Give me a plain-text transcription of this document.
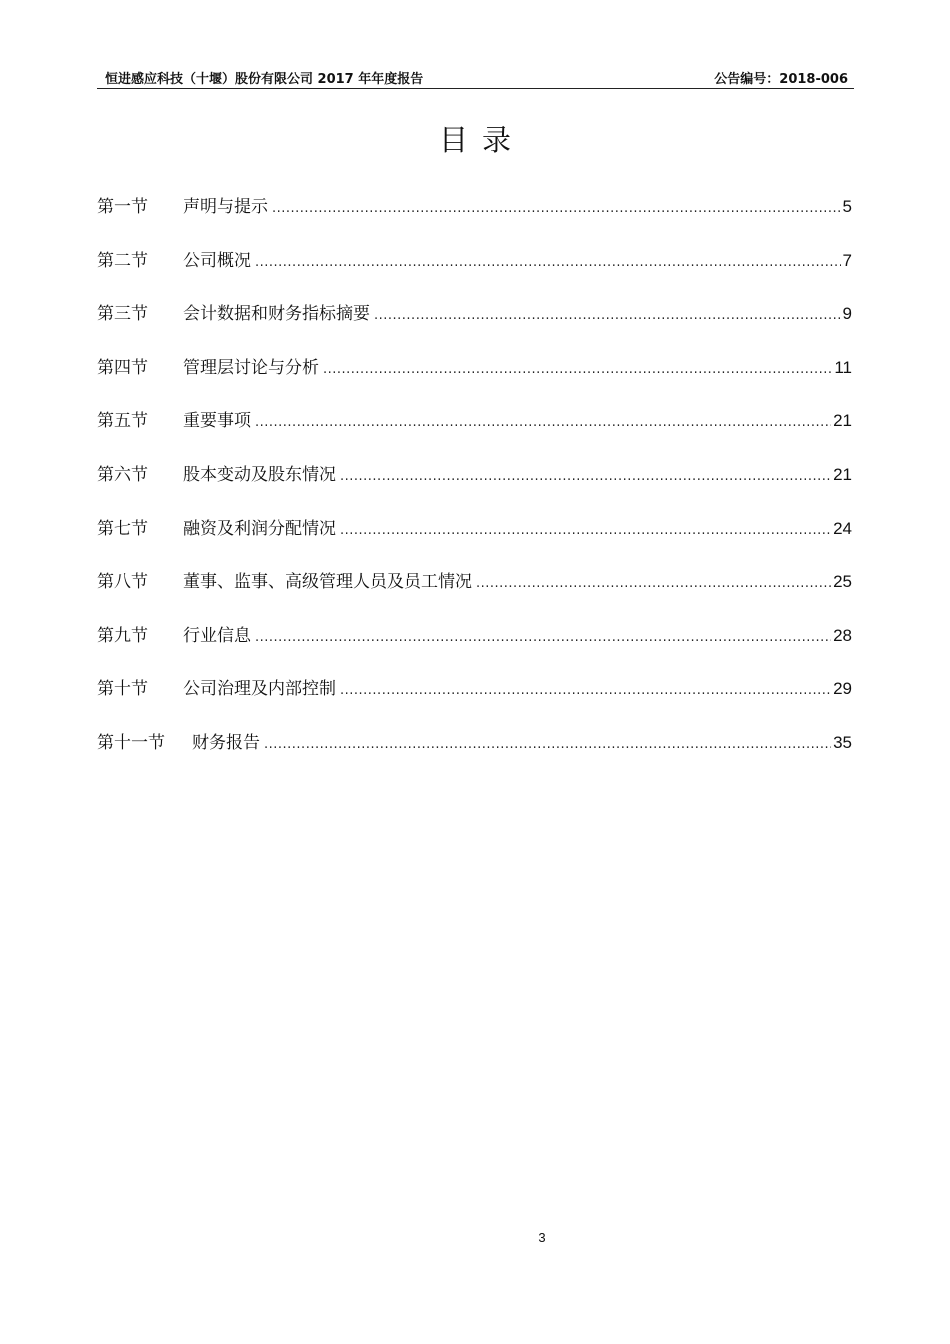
恒进感应科技（十堰）股份有限公司 2017 年年度报告	公告编号：2018-006
目录
第一节	声明与提示 .....	5
第二节	公司概况 .....	7
第三节	会计数据和财务指标摘要 .....	9
第四节	管理层讨论与分析 .....	11
第五节	重要事项 .....	21
第六节	股本变动及股东情况 .....	21
第七节	融资及利润分配情况 .....	24
第八节	董事、监事、高级管理人员及员工情况 .....	25
第九节	行业信息 .....	28
第十节	公司治理及内部控制 .....	29
第十一节	财务报告 .....	35
3
